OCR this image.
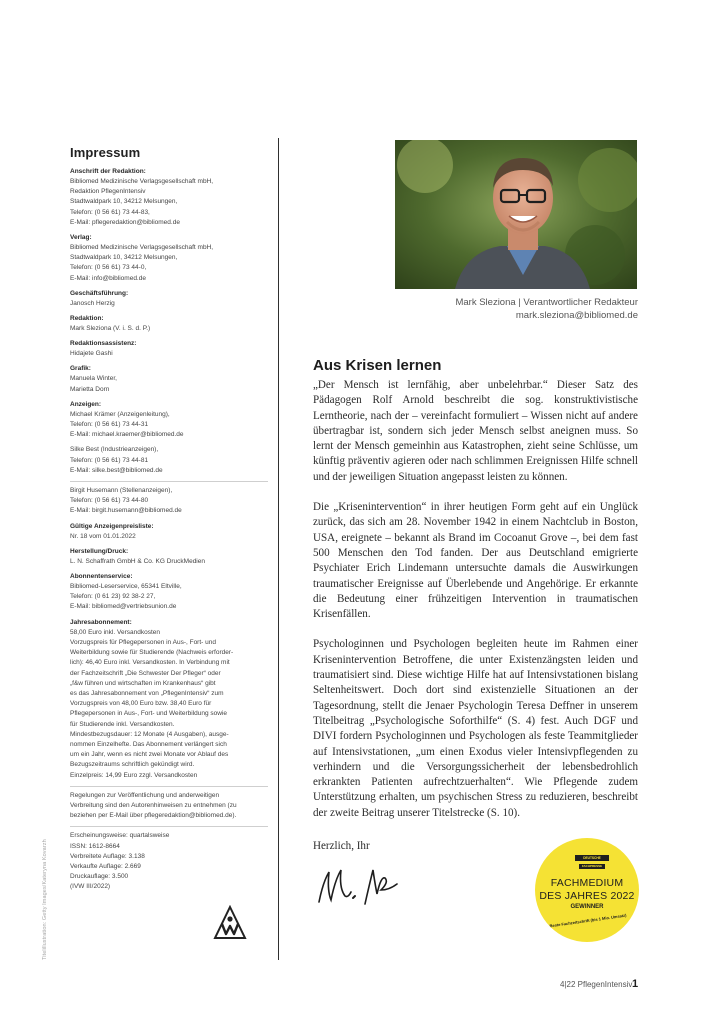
Titelillustration: Getty Images/Kateryna Kovarzh
Impressum
Anschrift der Redaktion:
Bibliomed Medizinische Verlagsgesellschaft mbH,
Redaktion PflegenIntensiv
Stadtwaldpark 10, 34212 Melsungen,
Telefon: (0 56 61) 73 44-83,
E-Mail: pflegeredaktion@bibliomed.de
Verlag:
Bibliomed Medizinische Verlagsgesellschaft mbH,
Stadtwaldpark 10, 34212 Melsungen,
Telefon: (0 56 61) 73 44-0,
E-Mail: info@bibliomed.de
Geschäftsführung:
Janosch Herzig
Redaktion:
Mark Sleziona (V. i. S. d. P.)
Redaktionsassistenz:
Hidajete Gashi
Grafik:
Manuela Winter,
Marietta Dorn
Anzeigen:
Michael Krämer (Anzeigenleitung),
Telefon: (0 56 61) 73 44-31
E-Mail: michael.kraemer@bibliomed.de
Silke Best (Industrieanzeigen),
Telefon: (0 56 61) 73 44-81
E-Mail: silke.best@bibliomed.de
Birgit Husemann (Stellenanzeigen),
Telefon: (0 56 61) 73 44-80
E-Mail: birgit.husemann@bibliomed.de
Gültige Anzeigenpreisliste:
Nr. 18 vom 01.01.2022
Herstellung/Druck:
L. N. Schaffrath GmbH & Co. KG DruckMedien
Abonnentenservice:
Bibliomed-Leserservice, 65341 Eltville,
Telefon: (0 61 23) 92 38-2 27,
E-Mail: bibliomed@vertriebsunion.de
Jahresabonnement:
58,00 Euro inkl. Versandkosten
Vorzugspreis für Pflegepersonen in Aus-, Fort- und
Weiterbildung sowie für Studierende (Nachweis erforder-
lich): 46,40 Euro inkl. Versandkosten. In Verbindung mit
der Fachzeitschrift „Die Schwester Der Pfleger“ oder
„f&w führen und wirtschaften im Krankenhaus“ gibt
es das Jahresabonnement von „PflegenIntensiv“ zum
Vorzugspreis von 48,00 Euro bzw. 38,40 Euro für
Pflegepersonen in Aus-, Fort- und Weiterbildung sowie
für Studierende inkl. Versandkosten.
Mindestbezugsdauer: 12 Monate (4 Ausgaben), ausge-
nommen Einzelhefte. Das Abonnement verlängert sich
um ein Jahr, wenn es nicht zwei Monate vor Ablauf des
Bezugszeitraums schriftlich gekündigt wird.
Einzelpreis: 14,99 Euro zzgl. Versandkosten
Regelungen zur Veröffentlichung und anderweitigen
Verbreitung sind den Autorenhinweisen zu entnehmen (zu
beziehen per E-Mail über pflegeredaktion@bibliomed.de).
Erscheinungsweise: quartalsweise
ISSN: 1612-8664
Verbreitete Auflage: 3.138
Verkaufte Auflage: 2.669
Druckauflage: 3.500
(IVW III/2022)
Mark Sleziona | Verantwortlicher Redakteur
mark.sleziona@bibliomed.de
Aus Krisen lernen

„Der Mensch ist lernfähig, aber unbelehrbar.“ Dieser Satz des Pädagogen Rolf Arnold beschreibt die sog. konstruktivistische Lerntheorie, nach der – vereinfacht formuliert – Wissen nicht auf andere übertragbar ist, sondern sich jeder Mensch selbst aneignen muss. So lernt der Mensch gemeinhin aus Katastrophen, zieht seine Schlüsse, um künftig präventiv agieren oder nach schlimmen Ereignissen Hilfe schnell und der jeweiligen Situation angepasst leisten zu können.

Die „Krisenintervention“ in ihrer heutigen Form geht auf ein Unglück zurück, das sich am 28. November 1942 in einem Nachtclub in Boston, USA, ereignete – bekannt als Brand im Cocoanut Grove –, bei dem fast 500 Menschen den Tod fanden. Der aus Deutschland emigrierte Psychiater Erich Lindemann untersuchte damals die Auswirkungen traumatischer Ereignisse auf Überlebende und Angehörige. Er erkannte die Bedeutung einer frühzeitigen Intervention in traumatischen Krisenfällen.

Psychologinnen und Psychologen begleiten heute im Rahmen einer Krisenintervention Betroffene, die unter Existenzängsten leiden und traumatisiert sind. Diese wichtige Hilfe hat auf Intensivstationen bislang Seltenheitswert. Doch dort sind existenzielle Situationen an der Tagesordnung, stellt die Jenaer Psychologin Teresa Deffner in unserem Titelbeitrag „Psychologische Soforthilfe“ (S. 4) fest. Auch DGF und DIVI fordern Psychologinnen und Psychologen als feste Teammitglieder auf Intensivstationen, „um einen Exodus vieler Intensivpflegenden zu verhindern und die Versorgungssicherheit der lebensbedrohlich erkrankten Patienten aufrechtzuerhalten“. Wie Pflegende zudem Unterstützung erhalten, um psychischen Stress zu reduzieren, beschreibt der zweite Beitrag unserer Titelstrecke (S. 10).

Herzlich, Ihr
DEUTSCHE
FACHPRESSE
FACHMEDIUM
DES JAHRES 2022
GEWINNER
Beste Fachzeitschrift (bis 1 Mio. Umsatz)
4|22 PflegenIntensiv 1
